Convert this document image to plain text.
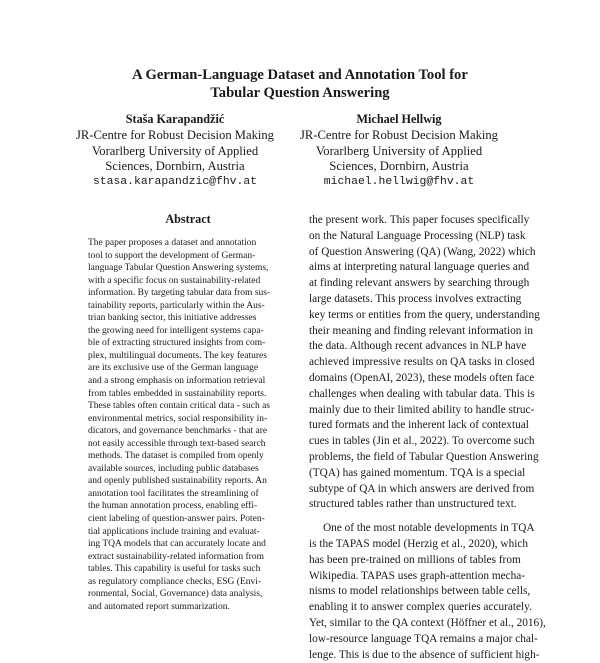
A German-Language Dataset and Annotation Tool for
Tabular Question Answering
Staša Karapandžić
JR-Centre for Robust Decision Making
Vorarlberg University of Applied
Sciences, Dornbirn, Austria
stasa.karapandzic@fhv.at
Michael Hellwig
JR-Centre for Robust Decision Making
Vorarlberg University of Applied
Sciences, Dornbirn, Austria
michael.hellwig@fhv.at
Abstract
The paper proposes a dataset and annotation
tool to support the development of German-
language Tabular Question Answering systems,
with a specific focus on sustainability-related
information. By targeting tabular data from sus-
tainability reports, particularly within the Aus-
trian banking sector, this initiative addresses
the growing need for intelligent systems capa-
ble of extracting structured insights from com-
plex, multilingual documents. The key features
are its exclusive use of the German language
and a strong emphasis on information retrieval
from tables embedded in sustainability reports.
These tables often contain critical data - such as
environmental metrics, social responsibility in-
dicators, and governance benchmarks - that are
not easily accessible through text-based search
methods. The dataset is compiled from openly
available sources, including public databases
and openly published sustainability reports. An
annotation tool facilitates the streamlining of
the human annotation process, enabling effi-
cient labeling of question-answer pairs. Poten-
tial applications include training and evaluat-
ing TQA models that can accurately locate and
extract sustainability-related information from
tables. This capability is useful for tasks such
as regulatory compliance checks, ESG (Envi-
ronmental, Social, Governance) data analysis,
and automated report summarization.
the present work. This paper focuses specifically
on the Natural Language Processing (NLP) task
of Question Answering (QA) (Wang, 2022) which
aims at interpreting natural language queries and
at finding relevant answers by searching through
large datasets. This process involves extracting
key terms or entities from the query, understanding
their meaning and finding relevant information in
the data. Although recent advances in NLP have
achieved impressive results on QA tasks in closed
domains (OpenAI, 2023), these models often face
challenges when dealing with tabular data. This is
mainly due to their limited ability to handle struc-
tured formats and the inherent lack of contextual
cues in tables (Jin et al., 2022). To overcome such
problems, the field of Tabular Question Answering
(TQA) has gained momentum. TQA is a special
subtype of QA in which answers are derived from
structured tables rather than unstructured text.
One of the most notable developments in TQA
is the TAPAS model (Herzig et al., 2020), which
has been pre-trained on millions of tables from
Wikipedia. TAPAS uses graph-attention mecha-
nisms to model relationships between table cells,
enabling it to answer complex queries accurately.
Yet, similar to the QA context (Höffner et al., 2016),
low-resource language TQA remains a major chal-
lenge. This is due to the absence of sufficient high-
